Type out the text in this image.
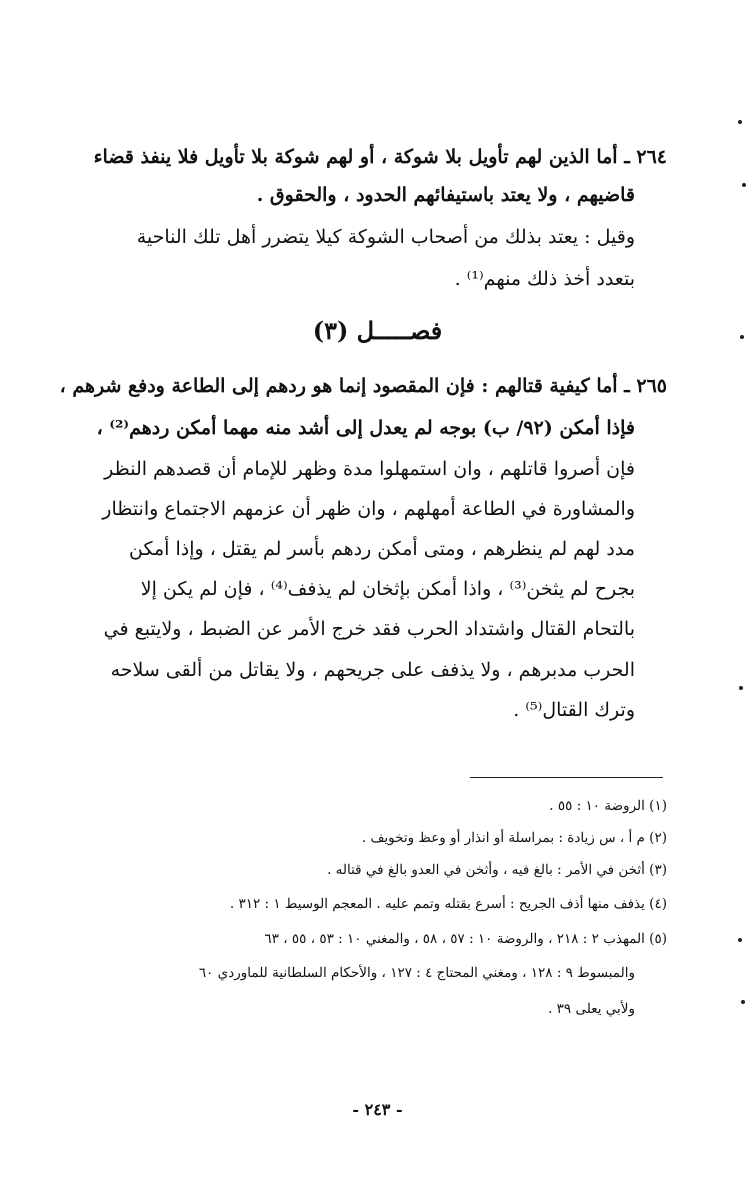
٢٦٤ ـ أما الذين لهم تأويل بلا شوكة ، أو لهم شوكة بلا تأويل فلا ينفذ قضاء
قاضيهم ، ولا يعتد باستيفائهم الحدود ، والحقوق .
وقيل : يعتد بذلك من أصحاب الشوكة كيلا يتضرر أهل تلك الناحية
بتعدد أخذ ذلك منهم⁽¹⁾ .
فصـــــل (٣)
٢٦٥ ـ أما كيفية قتالهم : فإن المقصود إنما هو ردهم إلى الطاعة ودفع شرهم ،
فإذا أمكن (٩٢/ ب) بوجه لم يعدل إلى أشد منه مهما أمكن ردهم⁽²⁾ ،
فإن أصروا قاتلهم ، وان استمهلوا مدة وظهر للإمام أن قصدهم النظر
والمشاورة في الطاعة أمهلهم ، وان ظهر أن عزمهم الاجتماع وانتظار
مدد لهم لم ينظرهم ، ومتى أمكن ردهم بأسر لم يقتل ، وإذا أمكن
بجرح لم يثخن⁽³⁾ ، واذا أمكن بإثخان لم يذفف⁽⁴⁾ ، فإن لم يكن إلا
بالتحام القتال واشتداد الحرب فقد خرج الأمر عن الضبط ، ولايتبع في
الحرب مدبرهم ، ولا يذفف على جريحهم ، ولا يقاتل من ألقى سلاحه
وترك القتال⁽⁵⁾ .
(١) الروضة ١٠ : ٥٥ .
(٢) م أ ، س زيادة : بمراسلة أو انذار أو وعظ وتخويف .
(٣) أثخن في الأمر : بالغ فيه ، وأثخن في العدو بالغ في قتاله .
(٤) يذفف منها أذف الجريح : أسرع بقتله وتمم عليه . المعجم الوسيط ١ : ٣١٢ .
(٥) المهذب ٢ : ٢١٨ ، والروضة ١٠ : ٥٧ ، ٥٨ ، والمغني ١٠ : ٥٣ ، ٥٥ ، ٦٣
والمبسوط ٩ : ١٢٨ ، ومغني المحتاج ٤ : ١٢٧ ، والأحكام السلطانية للماوردي ٦٠
ولأبي يعلى ٣٩ .
- ٢٤٣ -
